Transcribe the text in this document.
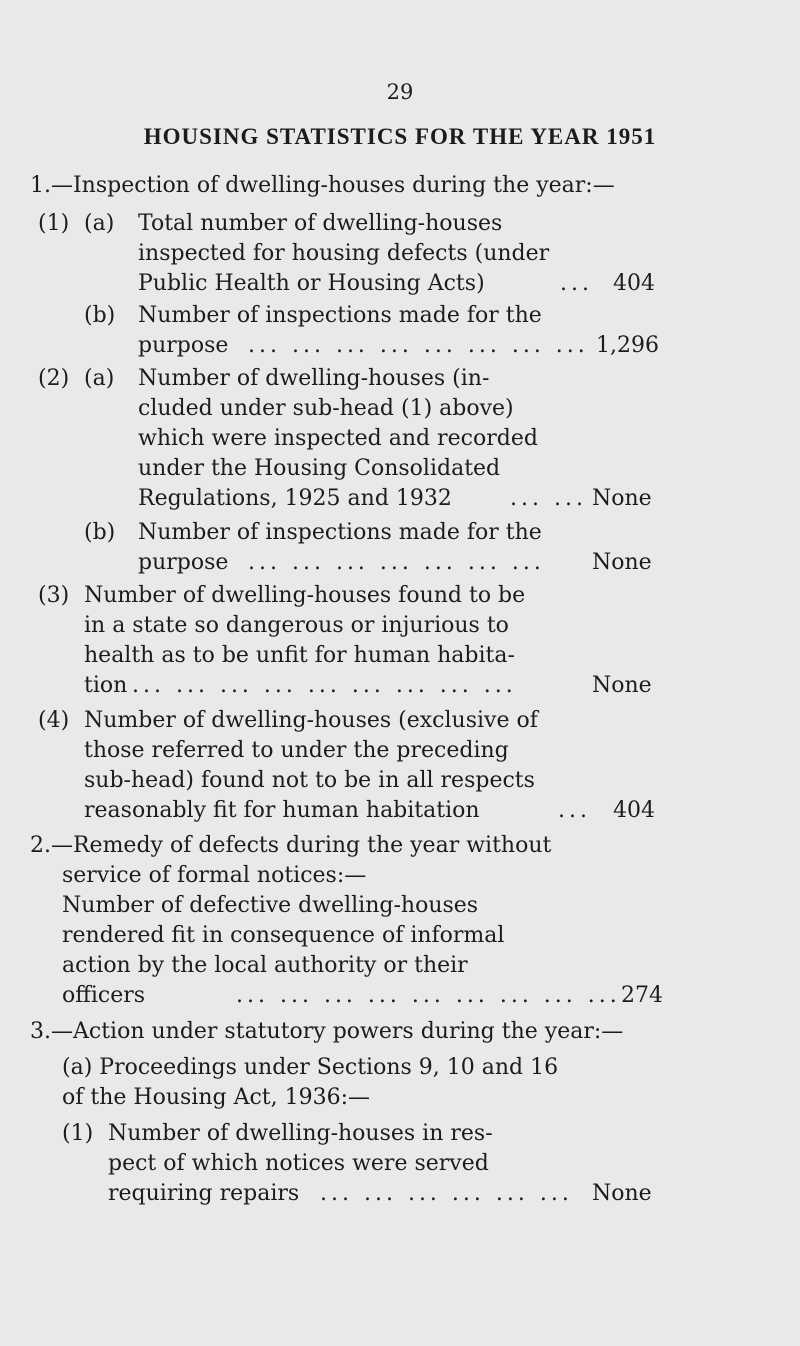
29
HOUSING STATISTICS FOR THE YEAR 1951
1.—Inspection of dwelling-houses during the year:—
(1) (a) Total number of dwelling-houses
inspected for housing defects (under
Public Health or Housing Acts)	... 404
(b) Number of inspections made for the
purpose ... ... ... ... ... ... ... ... 1,296
(2) (a) Number of dwelling-houses (in-
cluded under sub-head (1) above)
which were inspected and recorded
under the Housing Consolidated
Regulations, 1925 and 1932	... ... None
(b) Number of inspections made for the
purpose ... ... ... ... ... ... ... None
(3) Number of dwelling-houses found to be
in a state so dangerous or injurious to
health as to be unfit for human habita-
tion ... ... ... ... ... ... ... ... ...	None
(4) Number of dwelling-houses (exclusive of
those referred to under the preceding
sub-head) found not to be in all respects
reasonably fit for human habitation	... 404
2.—Remedy of defects during the year without
service of formal notices:—
Number of defective dwelling-houses
rendered fit in consequence of informal
action by the local authority or their
officers	... ... ... ... ... ... ... ... ... 274
3.—Action under statutory powers during the year:—
(a) Proceedings under Sections 9, 10 and 16
of the Housing Act, 1936:—
(1) Number of dwelling-houses in res-
pect of which notices were served
requiring repairs ... ... ... ... ... ... None
